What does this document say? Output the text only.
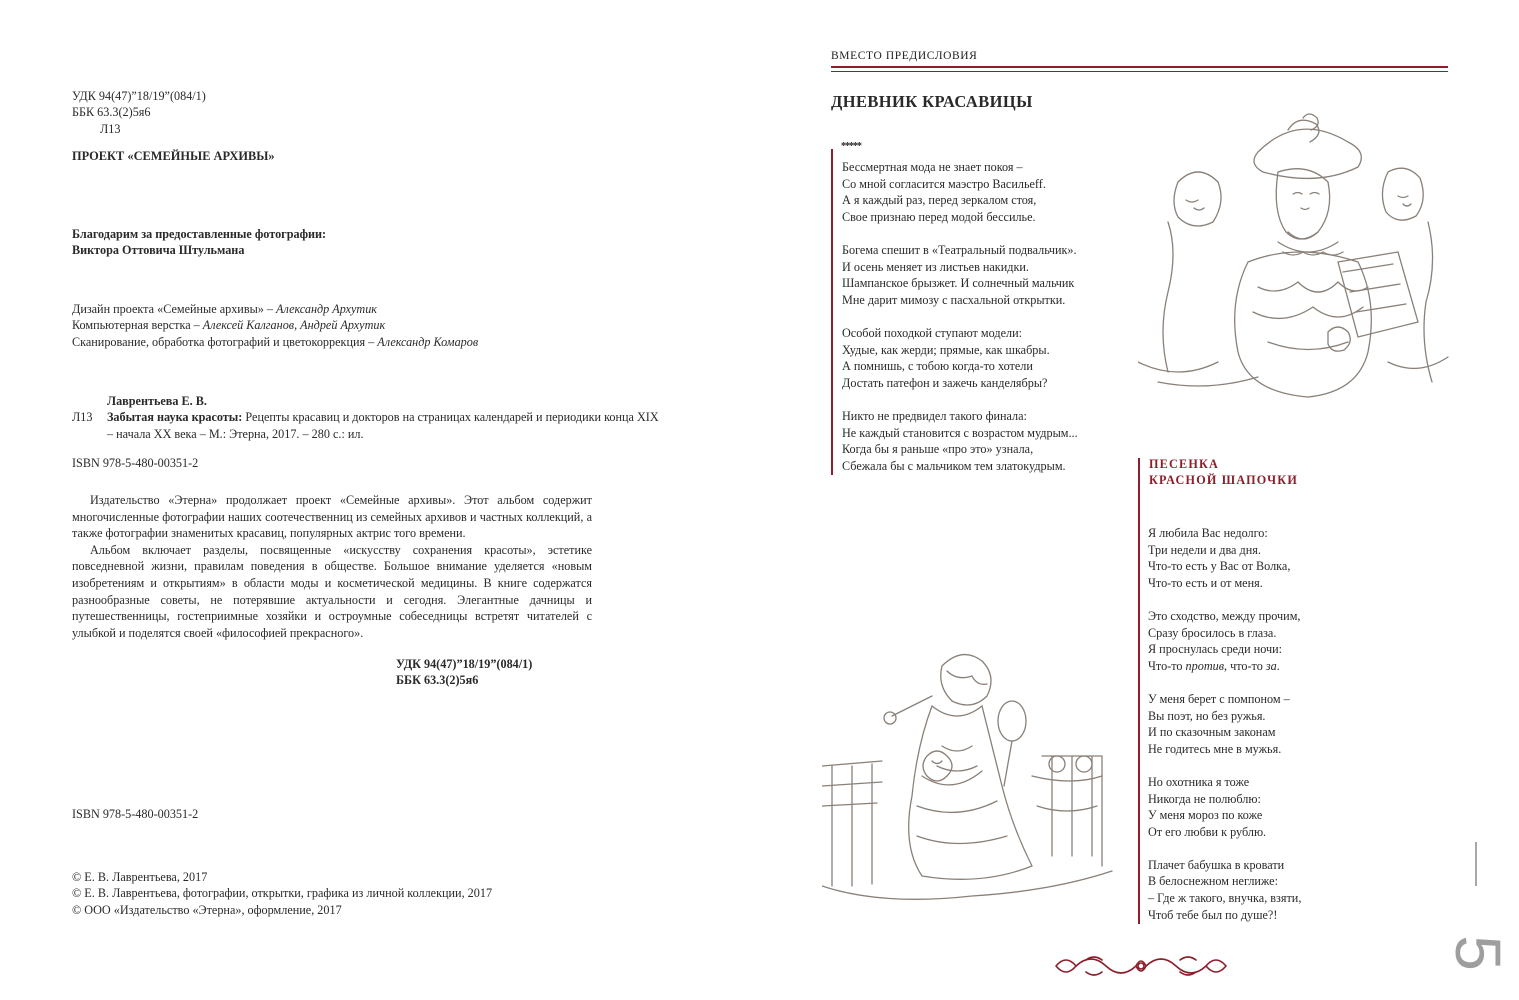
УДК 94(47)”18/19”(084/1)
ББК 63.3(2)5я6
Л13
ПРОЕКТ «СЕМЕЙНЫЕ АРХИВЫ»
Благодарим за предоставленные фотографии:
Виктора Оттовича Штульмана
Дизайн проекта «Семейные архивы» – Александр Архутик
Компьютерная верстка – Алексей Калганов, Андрей Архутик
Сканирование, обработка фотографий и цветокоррекция – Александр Комаров
Лаврентьева Е. В.
Л13	Забытая наука красоты: Рецепты красавиц и докторов на страницах календарей и периодики конца XIX – начала XX века – М.: Этерна, 2017. – 280 с.: ил.
ISBN 978-5-480-00351-2

Издательство «Этерна» продолжает проект «Семейные архивы». Этот альбом содержит многочисленные фотографии наших соотечественниц из семейных архивов и частных коллекций, а также фотографии знаменитых красавиц, популярных актрис того времени.

Альбом включает разделы, посвященные «искусству сохранения красоты», эстетике повседневной жизни, правилам поведения в обществе. Большое внимание уделяется «новым изобретениям и открытиям» в области моды и косметической медицины. В книге содержатся разнообразные советы, не потерявшие актуальности и сегодня. Элегантные дачницы и путешественницы, гостеприимные хозяйки и остроумные собеседницы встретят читателей с улыбкой и поделятся своей «философией прекрасного».

УДК 94(47)”18/19”(084/1)
ББК 63.3(2)5я6
ISBN 978-5-480-00351-2
© Е. В. Лаврентьева, 2017
© Е. В. Лаврентьева, фотографии, открытки, графика из личной коллекции, 2017
© ООО «Издательство «Этерна», оформление, 2017
ВМЕСТО ПРЕДИСЛОВИЯ
ДНЕВНИК КРАСАВИЦЫ
*****
Бессмертная мода не знает покоя –
Со мной согласится маэстро Васильeff.
А я каждый раз, перед зеркалом стоя,
Свое признаю перед модой бессилье.
Богема спешит в «Театральный подвальчик».
И осень меняет из листьев накидки.
Шампанское брызжет. И солнечный мальчик
Мне дарит мимозу с пасхальной открытки.
Особой походкой ступают модели:
Худые, как жерди; прямые, как шкабры.
А помнишь, с тобою когда-то хотели
Достать патефон и зажечь канделябры?
Никто не предвидел такого финала:
Не каждый становится с возрастом мудрым...
Когда бы я раньше «про это» узнала,
Сбежала бы с мальчиком тем златокудрым.	ПЕСЕНКА
КРАСНОЙ ШАПОЧКИ
Я любила Вас недолго:
Три недели и два дня.
Что-то есть у Вас от Волка,
Что-то есть и от меня.
Это сходство, между прочим,
Сразу бросилось в глаза.
Я проснулась среди ночи:
Что-то против, что-то за.
У меня берет с помпоном –
Вы поэт, но без ружья.
И по сказочным законам
Не годитесь мне в мужья.
Но охотника я тоже
Никогда не полюблю:
У меня мороз по коже
От его любви к рублю.
Плачет бабушка в кровати
В белоснежном неглиже:
– Где ж такого, внучка, взяти,
Чтоб тебе был по душе?!
5
